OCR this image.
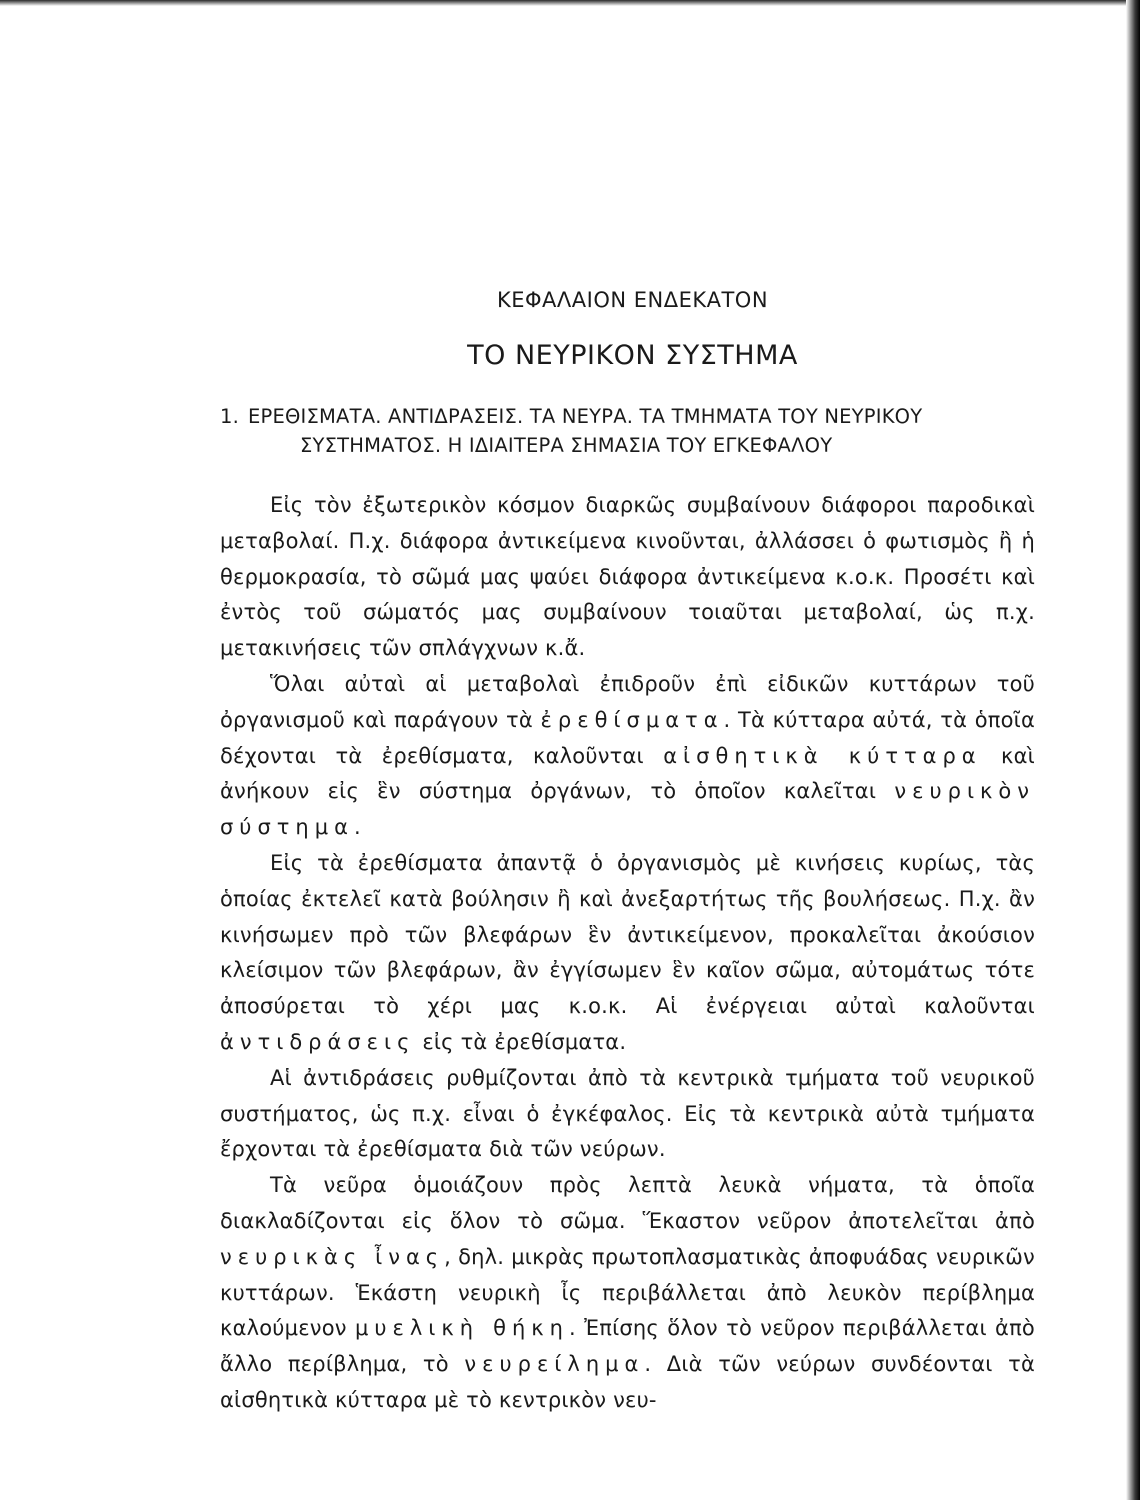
ΚΕΦΑΛΑΙΟΝ ΕΝΔΕΚΑΤΟΝ
ΤΟ ΝΕΥΡΙΚΟΝ ΣΥΣΤΗΜΑ
1. ΕΡΕΘΙΣΜΑΤΑ. ΑΝΤΙΔΡΑΣΕΙΣ. ΤΑ ΝΕΥΡΑ. ΤΑ ΤΜΗΜΑΤΑ ΤΟΥ ΝΕΥΡΙΚΟΥ ΣΥΣΤΗΜΑΤΟΣ. Η ΙΔΙΑΙΤΕΡΑ ΣΗΜΑΣΙΑ ΤΟΥ ΕΓΚΕΦΑΛΟΥ

Εἰς τὸν ἐξωτερικὸν κόσμον διαρκῶς συμβαίνουν διάφοροι παροδικαὶ μεταβολαί. Π.χ. διάφορα ἀντικείμενα κινοῦνται, ἀλλάσσει ὁ φωτισμὸς ἢ ἡ θερμοκρασία, τὸ σῶμά μας ψαύει διάφορα ἀντικείμενα κ.ο.κ. Προσέτι καὶ ἐντὸς τοῦ σώματός μας συμβαίνουν τοιαῦται μεταβολαί, ὡς π.χ. μετακινήσεις τῶν σπλάγχνων κ.ἄ.

Ὅλαι αὐταὶ αἱ μεταβολαὶ ἐπιδροῦν ἐπὶ εἰδικῶν κυττάρων τοῦ ὀργανισμοῦ καὶ παράγουν τὰ ἐρεθίσματα. Τὰ κύτταρα αὐτά, τὰ ὁποῖα δέχονται τὰ ἐρεθίσματα, καλοῦνται αἰσθητικὰ κύτταρα καὶ ἀνήκουν εἰς ἓν σύστημα ὀργάνων, τὸ ὁποῖον καλεῖται νευρικὸν σύστημα.

Εἰς τὰ ἐρεθίσματα ἀπαντᾷ ὁ ὀργανισμὸς μὲ κινήσεις κυρίως, τὰς ὁποίας ἐκτελεῖ κατὰ βούλησιν ἢ καὶ ἀνεξαρτήτως τῆς βουλήσεως. Π.χ. ἂν κινήσωμεν πρὸ τῶν βλεφάρων ἓν ἀντικείμενον, προκαλεῖται ἀκούσιον κλείσιμον τῶν βλεφάρων, ἂν ἐγγίσωμεν ἓν καῖον σῶμα, αὐτομάτως τότε ἀποσύρεται τὸ χέρι μας κ.ο.κ. Αἱ ἐνέργειαι αὐταὶ καλοῦνται ἀντιδράσεις εἰς τὰ ἐρεθίσματα.

Αἱ ἀντιδράσεις ρυθμίζονται ἀπὸ τὰ κεντρικὰ τμήματα τοῦ νευρικοῦ συστήματος, ὡς π.χ. εἶναι ὁ ἐγκέφαλος. Εἰς τὰ κεντρικὰ αὐτὰ τμήματα ἔρχονται τὰ ἐρεθίσματα διὰ τῶν νεύρων.

Τὰ νεῦρα ὁμοιάζουν πρὸς λεπτὰ λευκὰ νήματα, τὰ ὁποῖα διακλαδίζονται εἰς ὅλον τὸ σῶμα. Ἕκαστον νεῦρον ἀποτελεῖται ἀπὸ νευρικὰς ἶνας, δηλ. μικρὰς πρωτοπλασματικὰς ἀποφυάδας νευρικῶν κυττάρων. Ἑκάστη νευρικὴ ἶς περιβάλλεται ἀπὸ λευκὸν περίβλημα καλούμενον μυελικὴ θήκη. Ἐπίσης ὅλον τὸ νεῦρον περιβάλλεται ἀπὸ ἄλλο περίβλημα, τὸ νευρείλημα. Διὰ τῶν νεύρων συνδέονται τὰ αἰσθητικὰ κύτταρα μὲ τὸ κεντρικὸν νευ-
